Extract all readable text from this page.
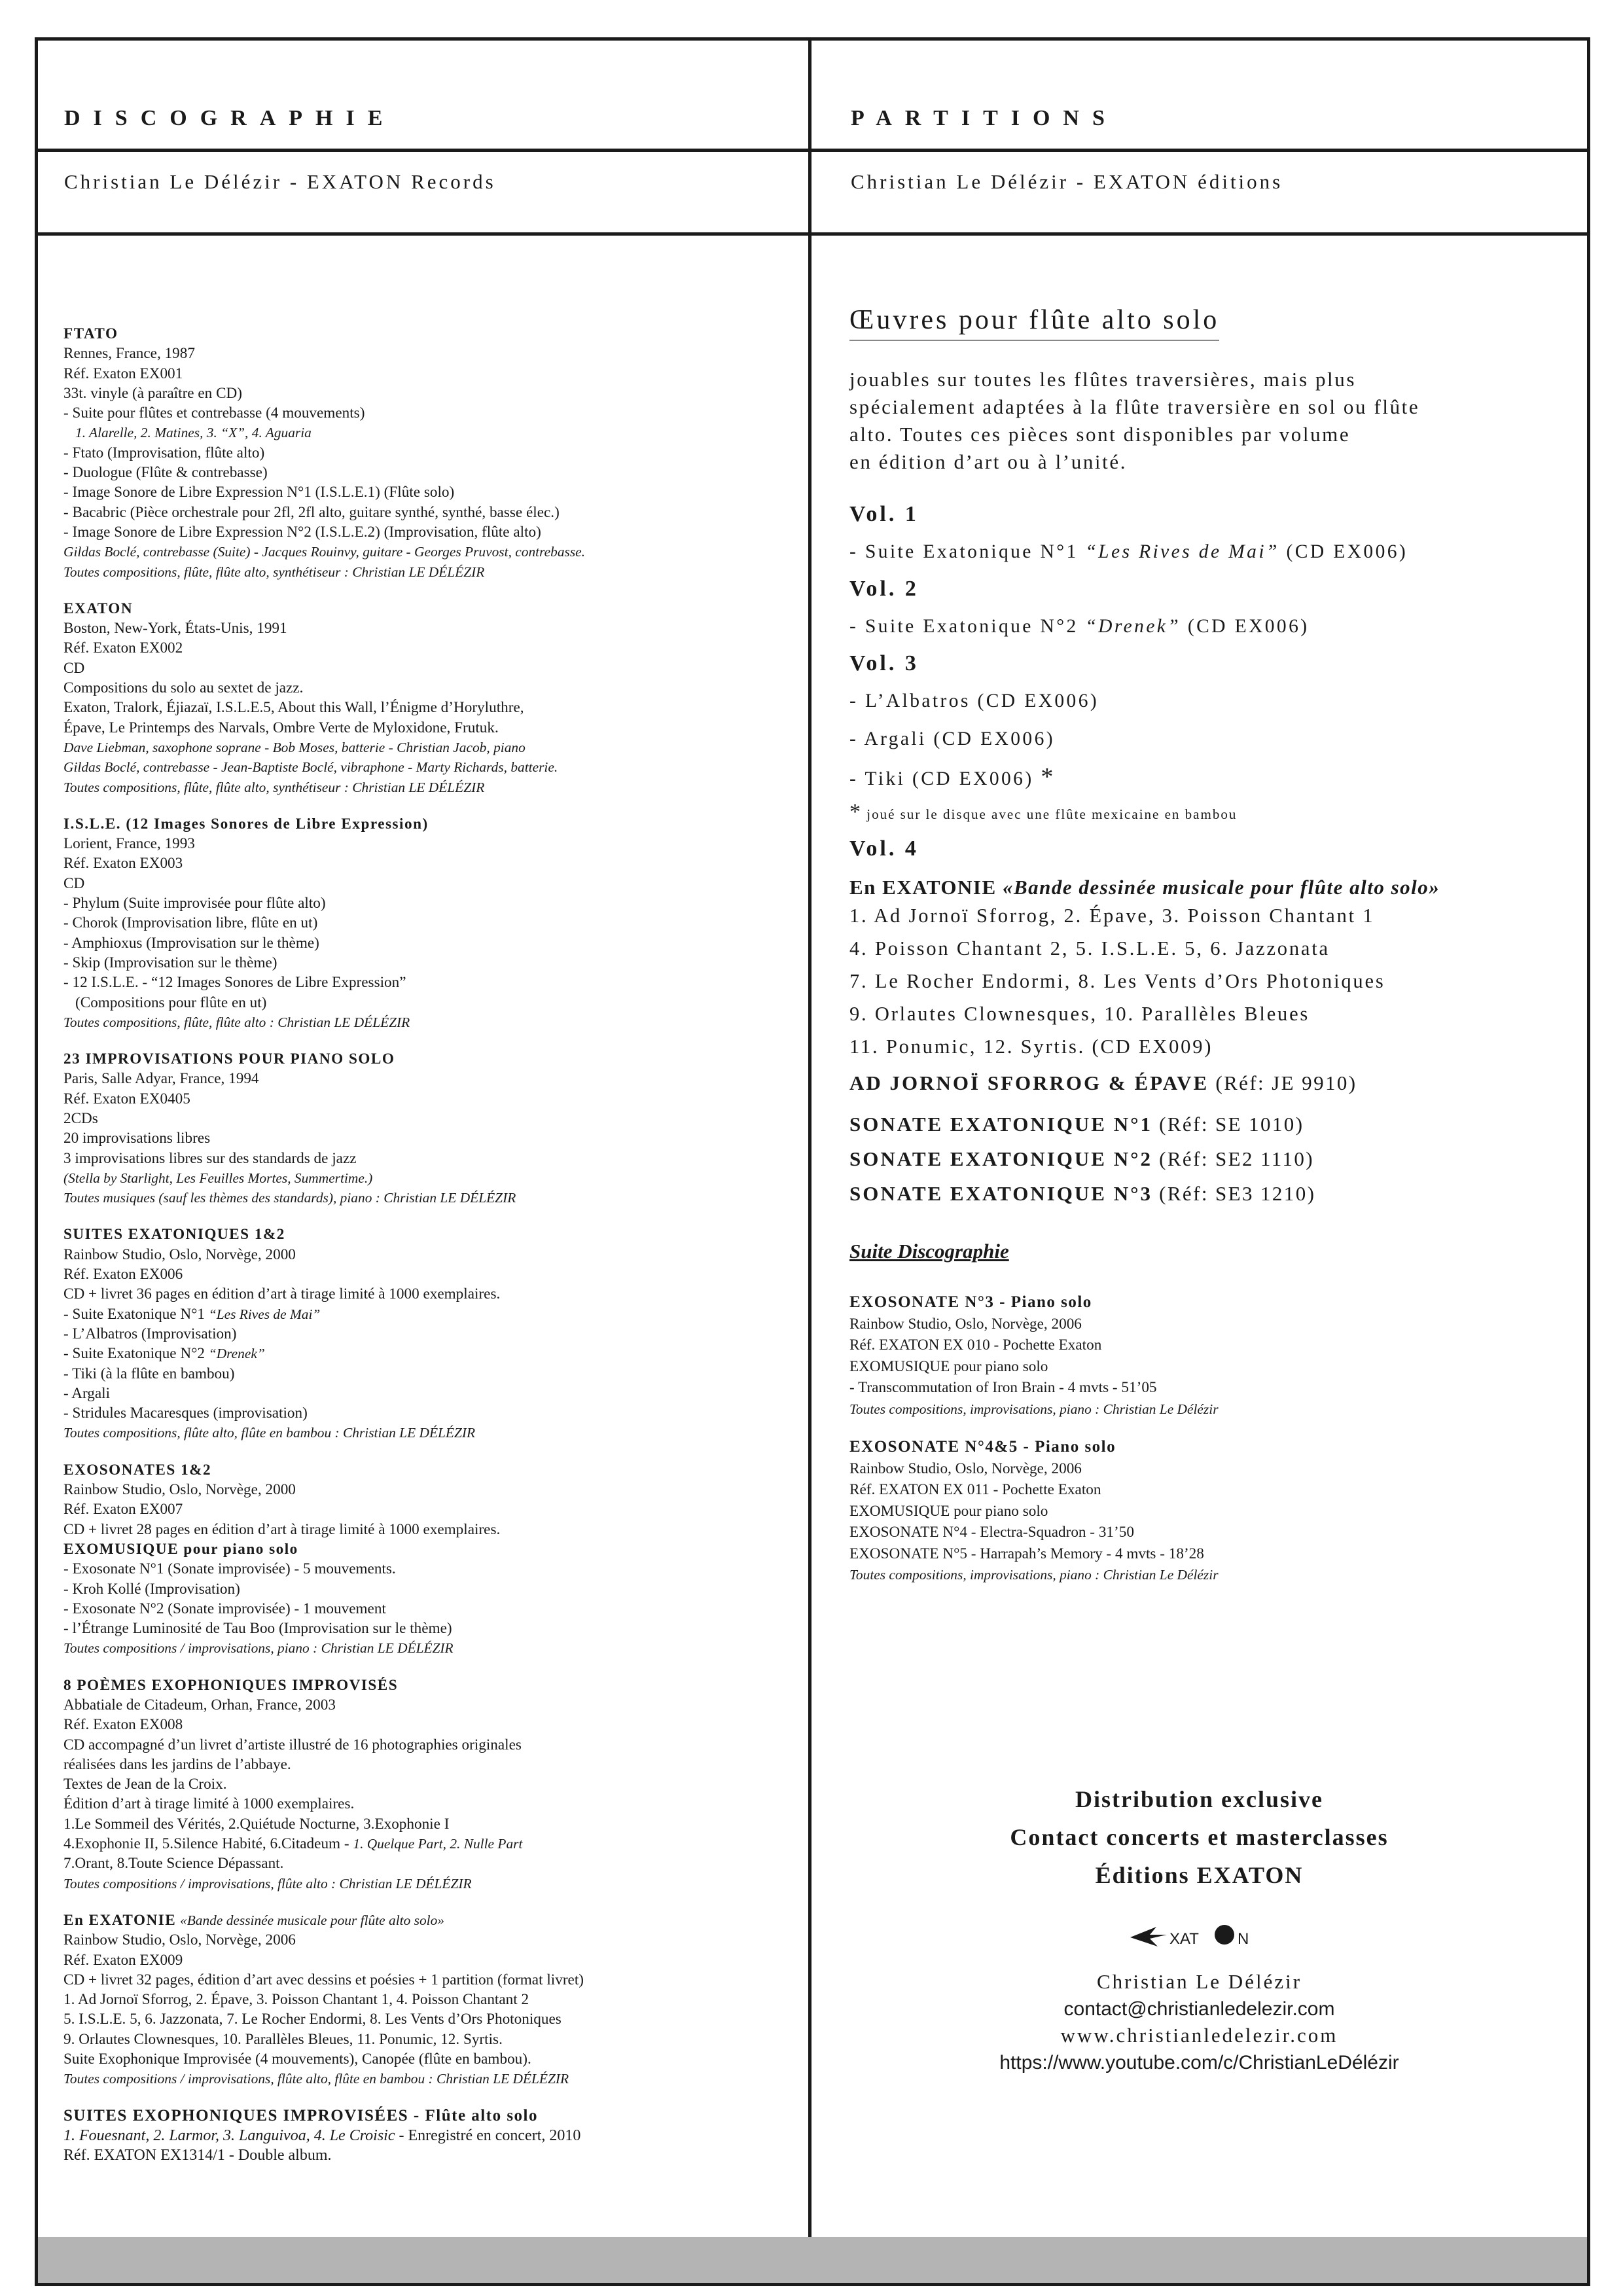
DISCOGRAPHIE	PARTITIONS
Christian Le Délézir - EXATON Records	Christian Le Délézir - EXATON éditions
FTATO
Rennes, France, 1987
Réf. Exaton EX001
33t. vinyle (à paraître en CD)
- Suite pour flûtes et contrebasse (4 mouvements)
1. Alarelle, 2. Matines, 3. “X”, 4. Aguaria
- Ftato (Improvisation, flûte alto)
- Duologue (Flûte & contrebasse)
- Image Sonore de Libre Expression N°1 (I.S.L.E.1) (Flûte solo)
- Bacabric (Pièce orchestrale pour 2fl, 2fl alto, guitare synthé, synthé, basse élec.)
- Image Sonore de Libre Expression N°2 (I.S.L.E.2) (Improvisation, flûte alto)
Gildas Boclé, contrebasse (Suite) - Jacques Rouinvy, guitare - Georges Pruvost, contrebasse.
Toutes compositions, flûte, flûte alto, synthétiseur : Christian LE DÉLÉZIR
EXATON
Boston, New-York, États-Unis, 1991
Réf. Exaton EX002
CD
Compositions du solo au sextet de jazz.
Exaton, Tralork, Éjiazaï, I.S.L.E.5, About this Wall, l’Énigme d’Horyluthre,
Épave, Le Printemps des Narvals, Ombre Verte de Myloxidone, Frutuk.
Dave Liebman, saxophone soprane - Bob Moses, batterie - Christian Jacob, piano
Gildas Boclé, contrebasse - Jean-Baptiste Boclé, vibraphone - Marty Richards, batterie.
Toutes compositions, flûte, flûte alto, synthétiseur : Christian LE DÉLÉZIR
I.S.L.E. (12 Images Sonores de Libre Expression)
Lorient, France, 1993
Réf. Exaton EX003
CD
- Phylum (Suite improvisée pour flûte alto)
- Chorok (Improvisation libre, flûte en ut)
- Amphioxus (Improvisation sur le thème)
- Skip (Improvisation sur le thème)
- 12 I.S.L.E. - “12 Images Sonores de Libre Expression”
(Compositions pour flûte en ut)
Toutes compositions, flûte, flûte alto : Christian LE DÉLÉZIR
23 IMPROVISATIONS POUR PIANO SOLO
Paris, Salle Adyar, France, 1994
Réf. Exaton EX0405
2CDs
20 improvisations libres
3 improvisations libres sur des standards de jazz
(Stella by Starlight, Les Feuilles Mortes, Summertime.)
Toutes musiques (sauf les thèmes des standards), piano : Christian LE DÉLÉZIR
SUITES EXATONIQUES 1&2
Rainbow Studio, Oslo, Norvège, 2000
Réf. Exaton EX006
CD + livret 36 pages en édition d’art à tirage limité à 1000 exemplaires.
- Suite Exatonique N°1 “Les Rives de Mai”
- L’Albatros (Improvisation)
- Suite Exatonique N°2 “Drenek”
- Tiki (à la flûte en bambou)
- Argali
- Stridules Macaresques (improvisation)
Toutes compositions, flûte alto, flûte en bambou : Christian LE DÉLÉZIR
EXOSONATES 1&2
Rainbow Studio, Oslo, Norvège, 2000
Réf. Exaton EX007
CD + livret 28 pages en édition d’art à tirage limité à 1000 exemplaires.
EXOMUSIQUE pour piano solo
- Exosonate N°1 (Sonate improvisée) - 5 mouvements.
- Kroh Kollé (Improvisation)
- Exosonate N°2 (Sonate improvisée) - 1 mouvement
- l’Étrange Luminosité de Tau Boo (Improvisation sur le thème)
Toutes compositions / improvisations, piano : Christian LE DÉLÉZIR
8 POÈMES EXOPHONIQUES IMPROVISÉS
Abbatiale de Citadeum, Orhan, France, 2003
Réf. Exaton EX008
CD accompagné d’un livret d’artiste illustré de 16 photographies originales
réalisées dans les jardins de l’abbaye.
Textes de Jean de la Croix.
Édition d’art à tirage limité à 1000 exemplaires.
1.Le Sommeil des Vérités, 2.Quiétude Nocturne, 3.Exophonie I
4.Exophonie II, 5.Silence Habité, 6.Citadeum - 1. Quelque Part, 2. Nulle Part
7.Orant, 8.Toute Science Dépassant.
Toutes compositions / improvisations, flûte alto : Christian LE DÉLÉZIR
En EXATONIE «Bande dessinée musicale pour flûte alto solo»
Rainbow Studio, Oslo, Norvège, 2006
Réf. Exaton EX009
CD + livret 32 pages, édition d’art avec dessins et poésies + 1 partition (format livret)
1. Ad Jornoï Sforrog, 2. Épave, 3. Poisson Chantant 1, 4. Poisson Chantant 2
5. I.S.L.E. 5, 6. Jazzonata, 7. Le Rocher Endormi, 8. Les Vents d’Ors Photoniques
9. Orlautes Clownesques, 10. Parallèles Bleues, 11. Ponumic, 12. Syrtis.
Suite Exophonique Improvisée (4 mouvements), Canopée (flûte en bambou).
Toutes compositions / improvisations, flûte alto, flûte en bambou : Christian LE DÉLÉZIR
SUITES EXOPHONIQUES IMPROVISÉES - Flûte alto solo
1. Fouesnant, 2. Larmor, 3. Languivoa, 4. Le Croisic - Enregistré en concert, 2010
Réf. EXATON EX1314/1 - Double album.
Œuvres pour flûte alto solo
jouables sur toutes les flûtes traversières, mais plus
spécialement adaptées à la flûte traversière en sol ou flûte
alto. Toutes ces pièces sont disponibles par volume
en édition d’art ou à l’unité.
Vol. 1
- Suite Exatonique N°1 “Les Rives de Mai” (CD EX006)
Vol. 2
- Suite Exatonique N°2 “Drenek” (CD EX006)
Vol. 3
- L’Albatros (CD EX006)
- Argali (CD EX006)
- Tiki (CD EX006) *
* joué sur le disque avec une flûte mexicaine en bambou
Vol. 4
En EXATONIE «Bande dessinée musicale pour flûte alto solo»
1. Ad Jornoï Sforrog, 2. Épave, 3. Poisson Chantant 1
4. Poisson Chantant 2, 5. I.S.L.E. 5, 6. Jazzonata
7. Le Rocher Endormi, 8. Les Vents d’Ors Photoniques
9. Orlautes Clownesques, 10. Parallèles Bleues
11. Ponumic, 12. Syrtis. (CD EX009)
AD JORNOÏ SFORROG & ÉPAVE (Réf: JE 9910)
SONATE EXATONIQUE N°1 (Réf: SE 1010)
SONATE EXATONIQUE N°2 (Réf: SE2 1110)
SONATE EXATONIQUE N°3 (Réf: SE3 1210)
Suite Discographie
EXOSONATE N°3 - Piano solo
Rainbow Studio, Oslo, Norvège, 2006
Réf. EXATON EX 010 - Pochette Exaton
EXOMUSIQUE pour piano solo
- Transcommutation of Iron Brain - 4 mvts - 51’05
Toutes compositions, improvisations, piano : Christian Le Délézir
EXOSONATE N°4&5 - Piano solo
Rainbow Studio, Oslo, Norvège, 2006
Réf. EXATON EX 011 - Pochette Exaton
EXOMUSIQUE pour piano solo
EXOSONATE N°4 - Electra-Squadron - 31’50
EXOSONATE N°5 - Harrapah’s Memory - 4 mvts - 18’28
Toutes compositions, improvisations, piano : Christian Le Délézir
Distribution exclusive
Contact concerts et masterclasses
Éditions EXATON
XAT N
Christian Le Délézir
contact@christianledelezir.com
www.christianledelezir.com
https://www.youtube.com/c/ChristianLeDélézir
